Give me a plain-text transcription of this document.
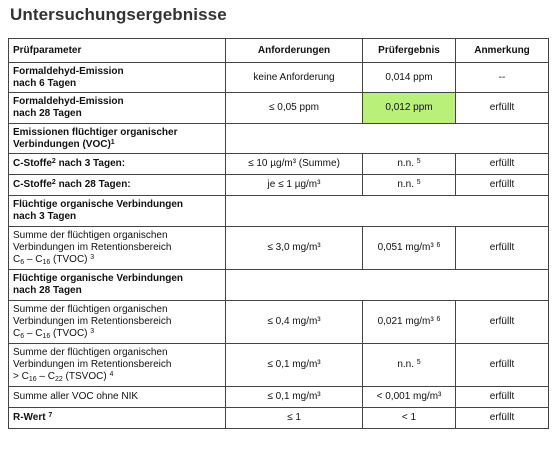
Untersuchungsergebnisse
Prüfparameter	Anforderungen	Prüfergebnis	Anmerkung
Formaldehyd-Emission
nach 6 Tagen	keine Anforderung	0,014 ppm	--
Formaldehyd-Emission
nach 28 Tagen	≤ 0,05 ppm	0,012 ppm	erfüllt
Emissionen flüchtiger organischer
Verbindungen (VOC)$^1$	
C-Stoffe$^2$ nach 3 Tagen:	≤ 10 µg/m³ (Summe)	n.n. $^5$	erfüllt
C-Stoffe$^2$ nach 28 Tagen:	je ≤ 1 µg/m³	n.n. $^5$	erfüllt
Flüchtige organische Verbindungen
nach 3 Tagen			
Summe der flüchtigen organischen
Verbindungen im Retentionsbereich
C6 – C16 (TVOC) $^3$	≤ 3,0 mg/m³	0,051 mg/m³ $^6$	erfüllt
Flüchtige organische Verbindungen
nach 28 Tagen			
Summe der flüchtigen organischen
Verbindungen im Retentionsbereich
C6 – C16 (TVOC) $^3$	≤ 0,4 mg/m³	0,021 mg/m³ $^6$	erfüllt
Summe der flüchtigen organischen
Verbindungen im Retentionsbereich
> C16 – C22 (TSVOC) $^4$	≤ 0,1 mg/m³	n.n. $^5$	erfüllt
Summe aller VOC ohne NIK	≤ 0,1 mg/m³	< 0,001 mg/m³	erfüllt
R-Wert $^7$	≤ 1	< 1	erfüllt
